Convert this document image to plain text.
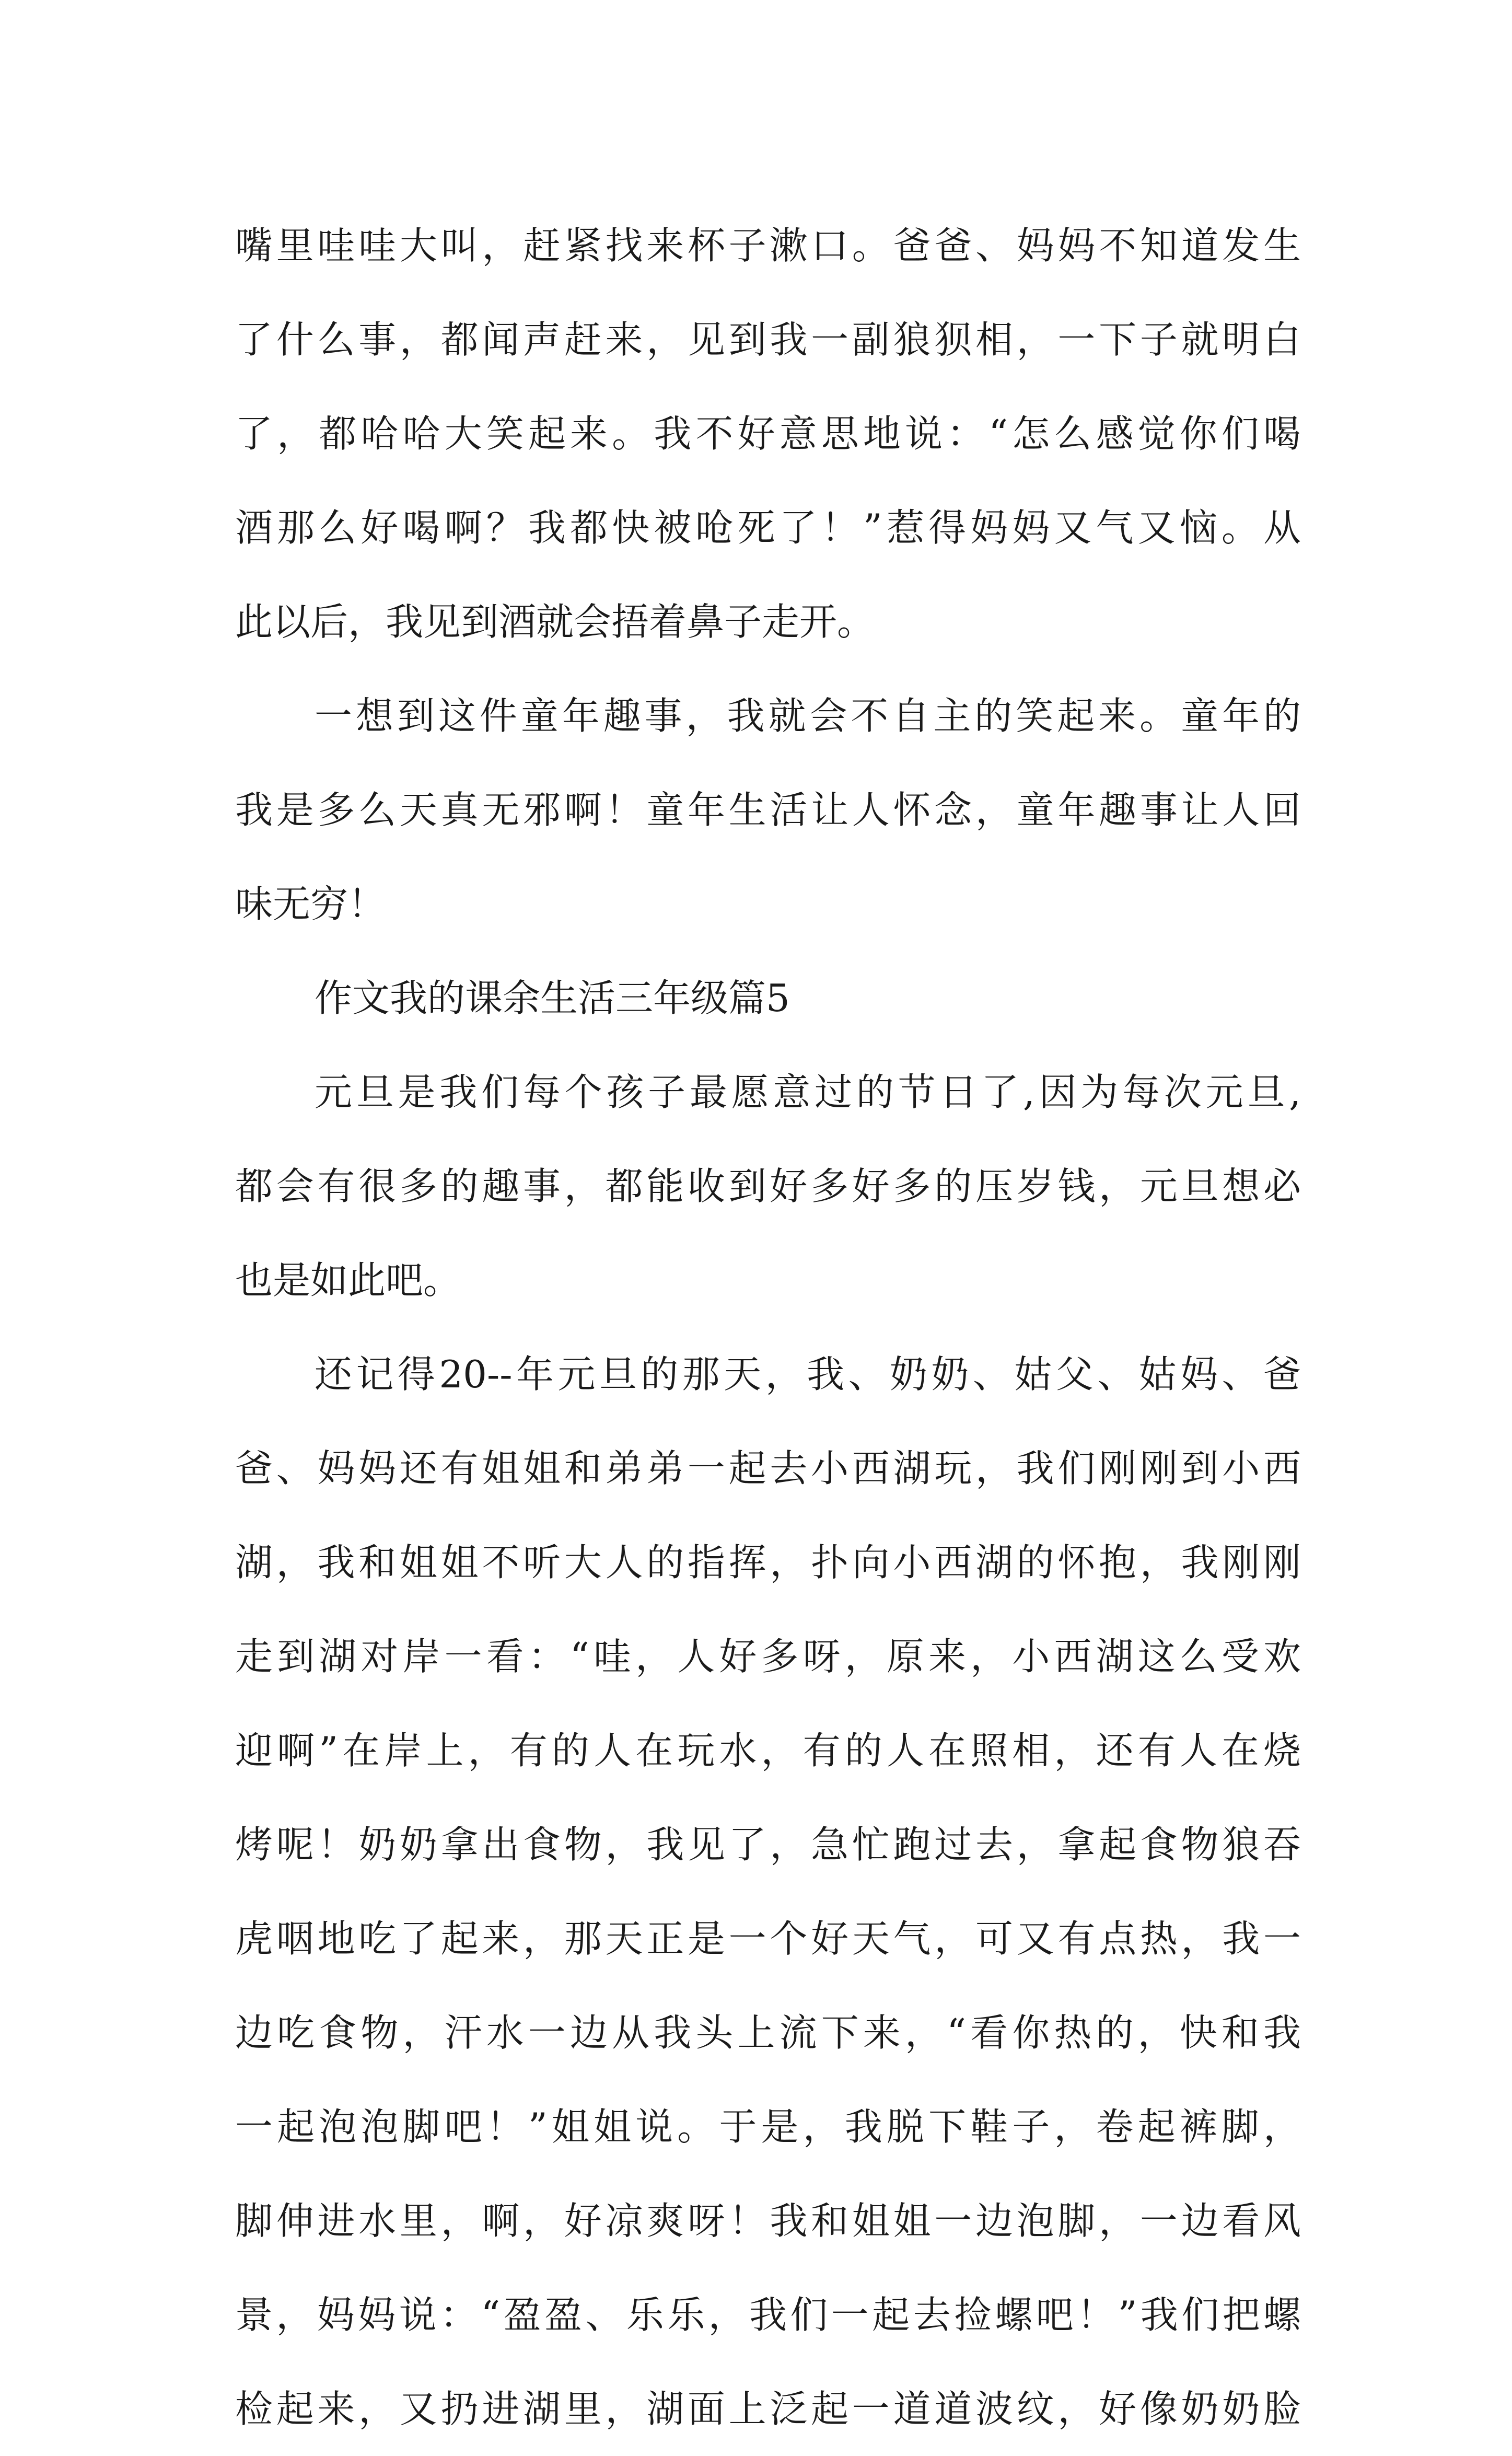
嘴里哇哇大叫，赶紧找来杯子漱口。爸爸、妈妈不知道发生
了什么事，都闻声赶来，见到我一副狼狈相，一下子就明白
了，都哈哈大笑起来。我不好意思地说：“怎么感觉你们喝
酒那么好喝啊？我都快被呛死了！”惹得妈妈又气又恼。从
此以后，我见到酒就会捂着鼻子走开。
一想到这件童年趣事，我就会不自主的笑起来。童年的
我是多么天真无邪啊！童年生活让人怀念，童年趣事让人回
味无穷！
作文我的课余生活三年级篇5
元旦是我们每个孩子最愿意过的节日了,因为每次元旦,
都会有很多的趣事，都能收到好多好多的压岁钱，元旦想必
也是如此吧。
还记得20--年元旦的那天，我、奶奶、姑父、姑妈、爸
爸、妈妈还有姐姐和弟弟一起去小西湖玩，我们刚刚到小西
湖，我和姐姐不听大人的指挥，扑向小西湖的怀抱，我刚刚
走到湖对岸一看：“哇，人好多呀，原来，小西湖这么受欢
迎啊”在岸上，有的人在玩水，有的人在照相，还有人在烧
烤呢！奶奶拿出食物，我见了，急忙跑过去，拿起食物狼吞
虎咽地吃了起来，那天正是一个好天气，可又有点热，我一
边吃食物，汗水一边从我头上流下来，“看你热的，快和我
一起泡泡脚吧！”姐姐说。于是，我脱下鞋子，卷起裤脚，
脚伸进水里，啊，好凉爽呀！我和姐姐一边泡脚，一边看风
景，妈妈说：“盈盈、乐乐，我们一起去捡螺吧！”我们把螺
检起来，又扔进湖里，湖面上泛起一道道波纹，好像奶奶脸
